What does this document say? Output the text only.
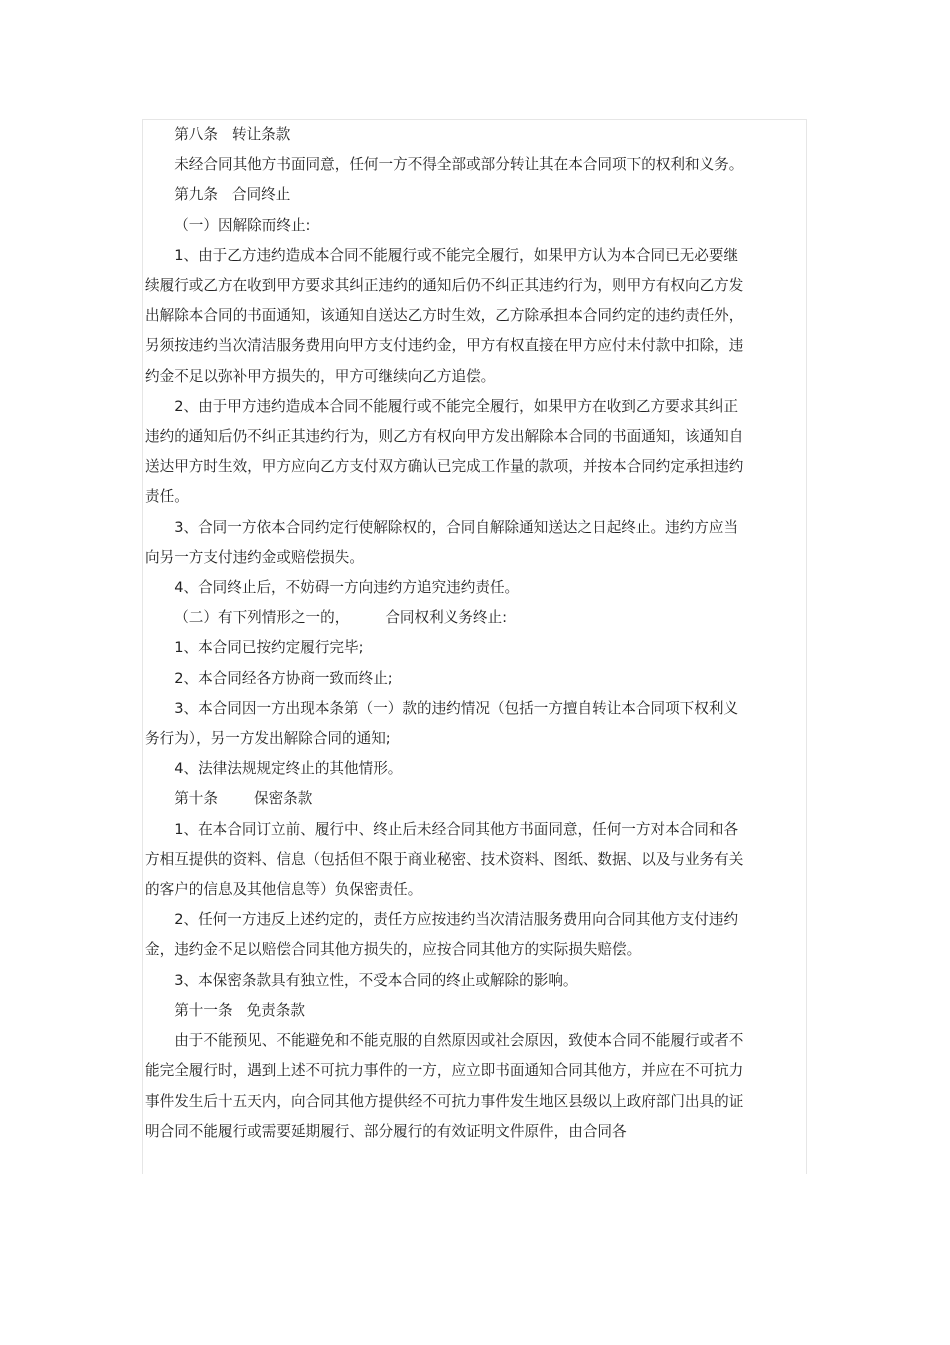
第八条 转让条款

未经合同其他方书面同意，任何一方不得全部或部分转让其在本合同项下的权利和义务。

第九条 合同终止

（一）因解除而终止:

1、由于乙方违约造成本合同不能履行或不能完全履行，如果甲方认为本合同已无必要继续履行或乙方在收到甲方要求其纠正违约的通知后仍不纠正其违约行为，则甲方有权向乙方发出解除本合同的书面通知，该通知自送达乙方时生效，乙方除承担本合同约定的违约责任外，另须按违约当次清洁服务费用向甲方支付违约金，甲方有权直接在甲方应付未付款中扣除，违约金不足以弥补甲方损失的，甲方可继续向乙方追偿。

2、由于甲方违约造成本合同不能履行或不能完全履行，如果甲方在收到乙方要求其纠正违约的通知后仍不纠正其违约行为，则乙方有权向甲方发出解除本合同的书面通知，该通知自送达甲方时生效，甲方应向乙方支付双方确认已完成工作量的款项，并按本合同约定承担违约责任。

3、合同一方依本合同约定行使解除权的，合同自解除通知送达之日起终止。违约方应当向另一方支付违约金或赔偿损失。

4、合同终止后，不妨碍一方向违约方追究违约责任。

（二）有下列情形之一的， 合同权利义务终止:

1、本合同已按约定履行完毕;

2、本合同经各方协商一致而终止;

3、本合同因一方出现本条第（一）款的违约情况（包括一方擅自转让本合同项下权利义务行为），另一方发出解除合同的通知;

4、法律法规规定终止的其他情形。

第十条 保密条款

1、在本合同订立前、履行中、终止后未经合同其他方书面同意，任何一方对本合同和各方相互提供的资料、信息（包括但不限于商业秘密、技术资料、图纸、数据、以及与业务有关的客户的信息及其他信息等）负保密责任。

2、任何一方违反上述约定的，责任方应按违约当次清洁服务费用向合同其他方支付违约金，违约金不足以赔偿合同其他方损失的，应按合同其他方的实际损失赔偿。

3、本保密条款具有独立性，不受本合同的终止或解除的影响。

第十一条 免责条款

由于不能预见、不能避免和不能克服的自然原因或社会原因，致使本合同不能履行或者不能完全履行时，遇到上述不可抗力事件的一方，应立即书面通知合同其他方，并应在不可抗力事件发生后十五天内，向合同其他方提供经不可抗力事件发生地区县级以上政府部门出具的证明合同不能履行或需要延期履行、部分履行的有效证明文件原件，由合同各
